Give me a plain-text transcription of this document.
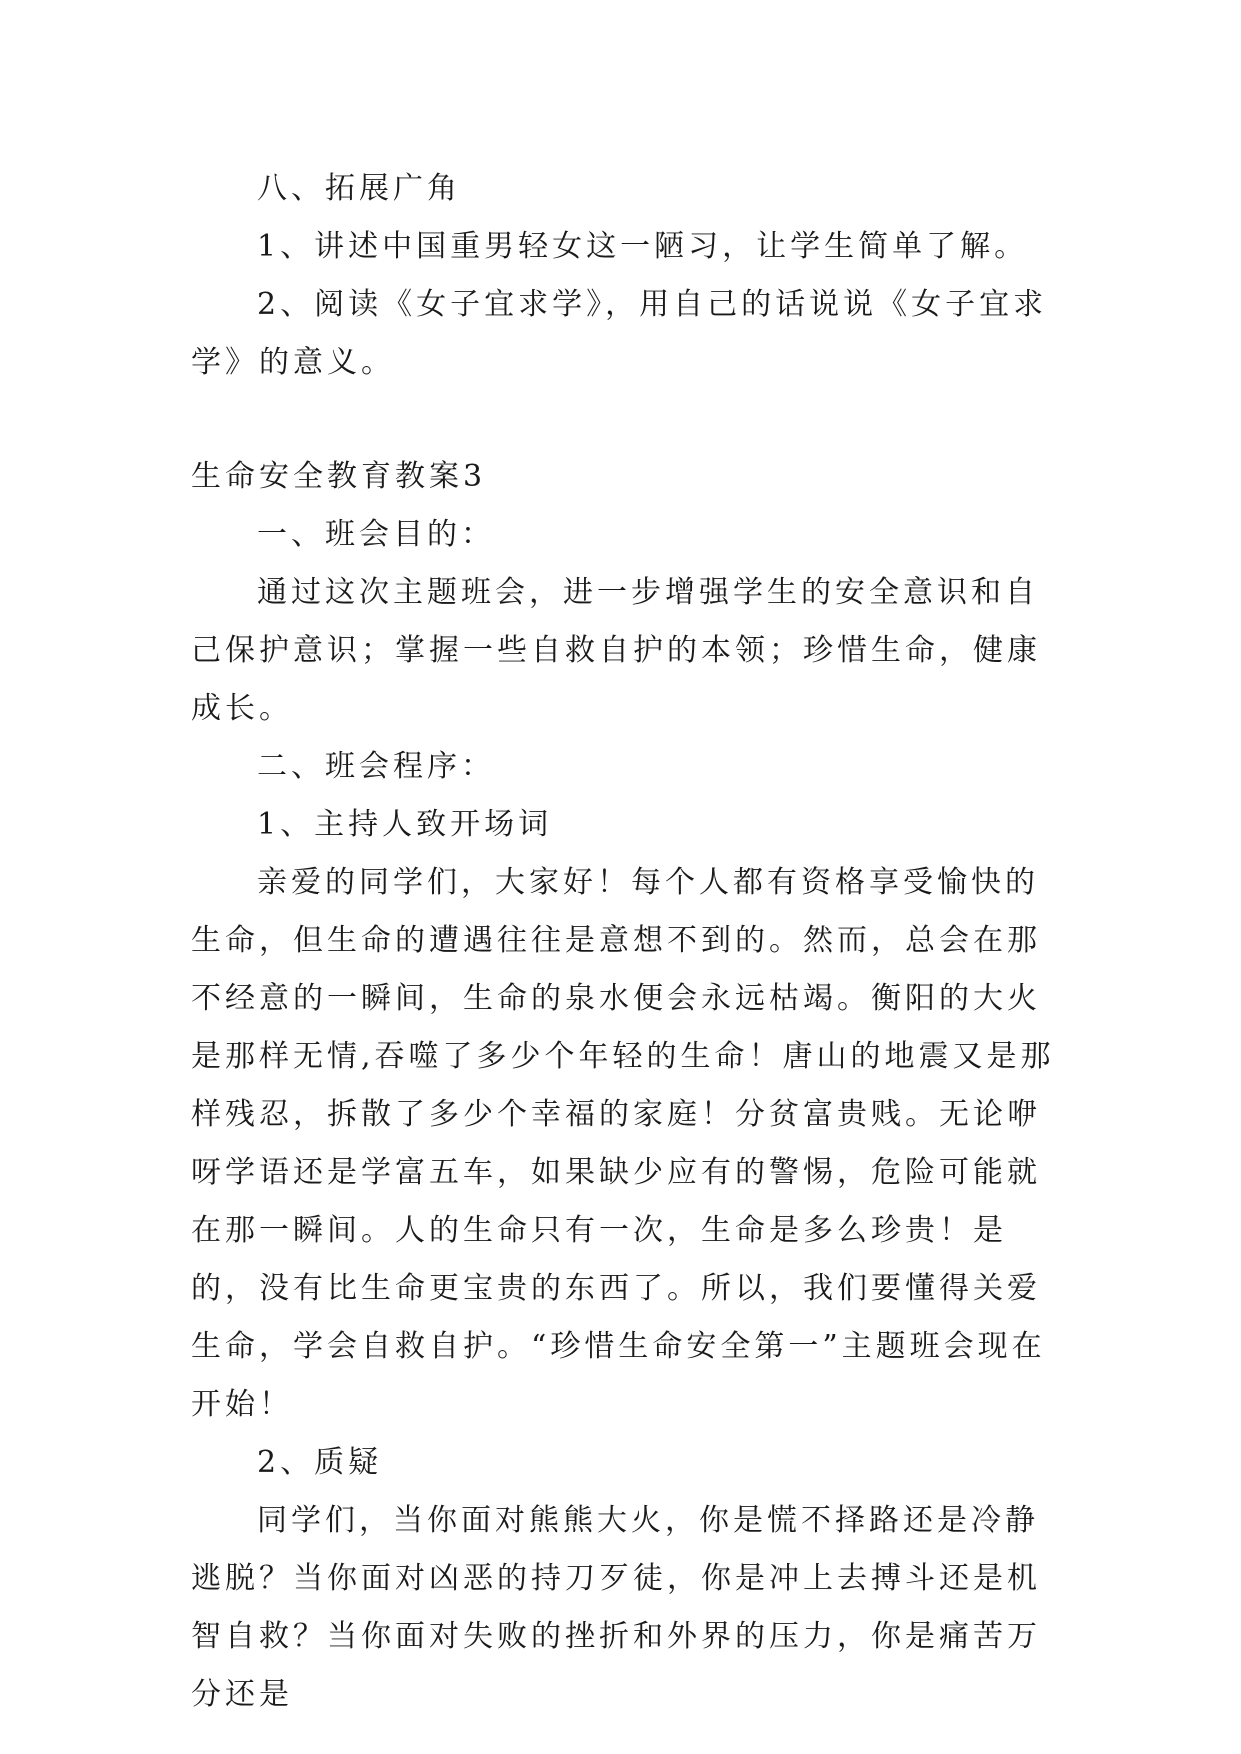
八、拓展广角

1、讲述中国重男轻女这一陋习，让学生简单了解。

2、阅读《女子宜求学》，用自己的话说说《女子宜求学》的意义。

生命安全教育教案3

一、班会目的：

通过这次主题班会，进一步增强学生的安全意识和自己保护意识；掌握一些自救自护的本领；珍惜生命，健康成长。

二、班会程序：

1、主持人致开场词

亲爱的同学们，大家好！每个人都有资格享受愉快的生命，但生命的遭遇往往是意想不到的。然而，总会在那不经意的一瞬间，生命的泉水便会永远枯竭。衡阳的大火是那样无情,吞噬了多少个年轻的生命！唐山的地震又是那样残忍，拆散了多少个幸福的家庭！分贫富贵贱。无论咿呀学语还是学富五车，如果缺少应有的警惕，危险可能就在那一瞬间。人的生命只有一次，生命是多么珍贵！是的，没有比生命更宝贵的东西了。所以，我们要懂得关爱生命，学会自救自护。“珍惜生命安全第一”主题班会现在开始！

2、质疑

同学们，当你面对熊熊大火，你是慌不择路还是冷静逃脱？当你面对凶恶的持刀歹徒，你是冲上去搏斗还是机智自救？当你面对失败的挫折和外界的压力，你是痛苦万分还是
